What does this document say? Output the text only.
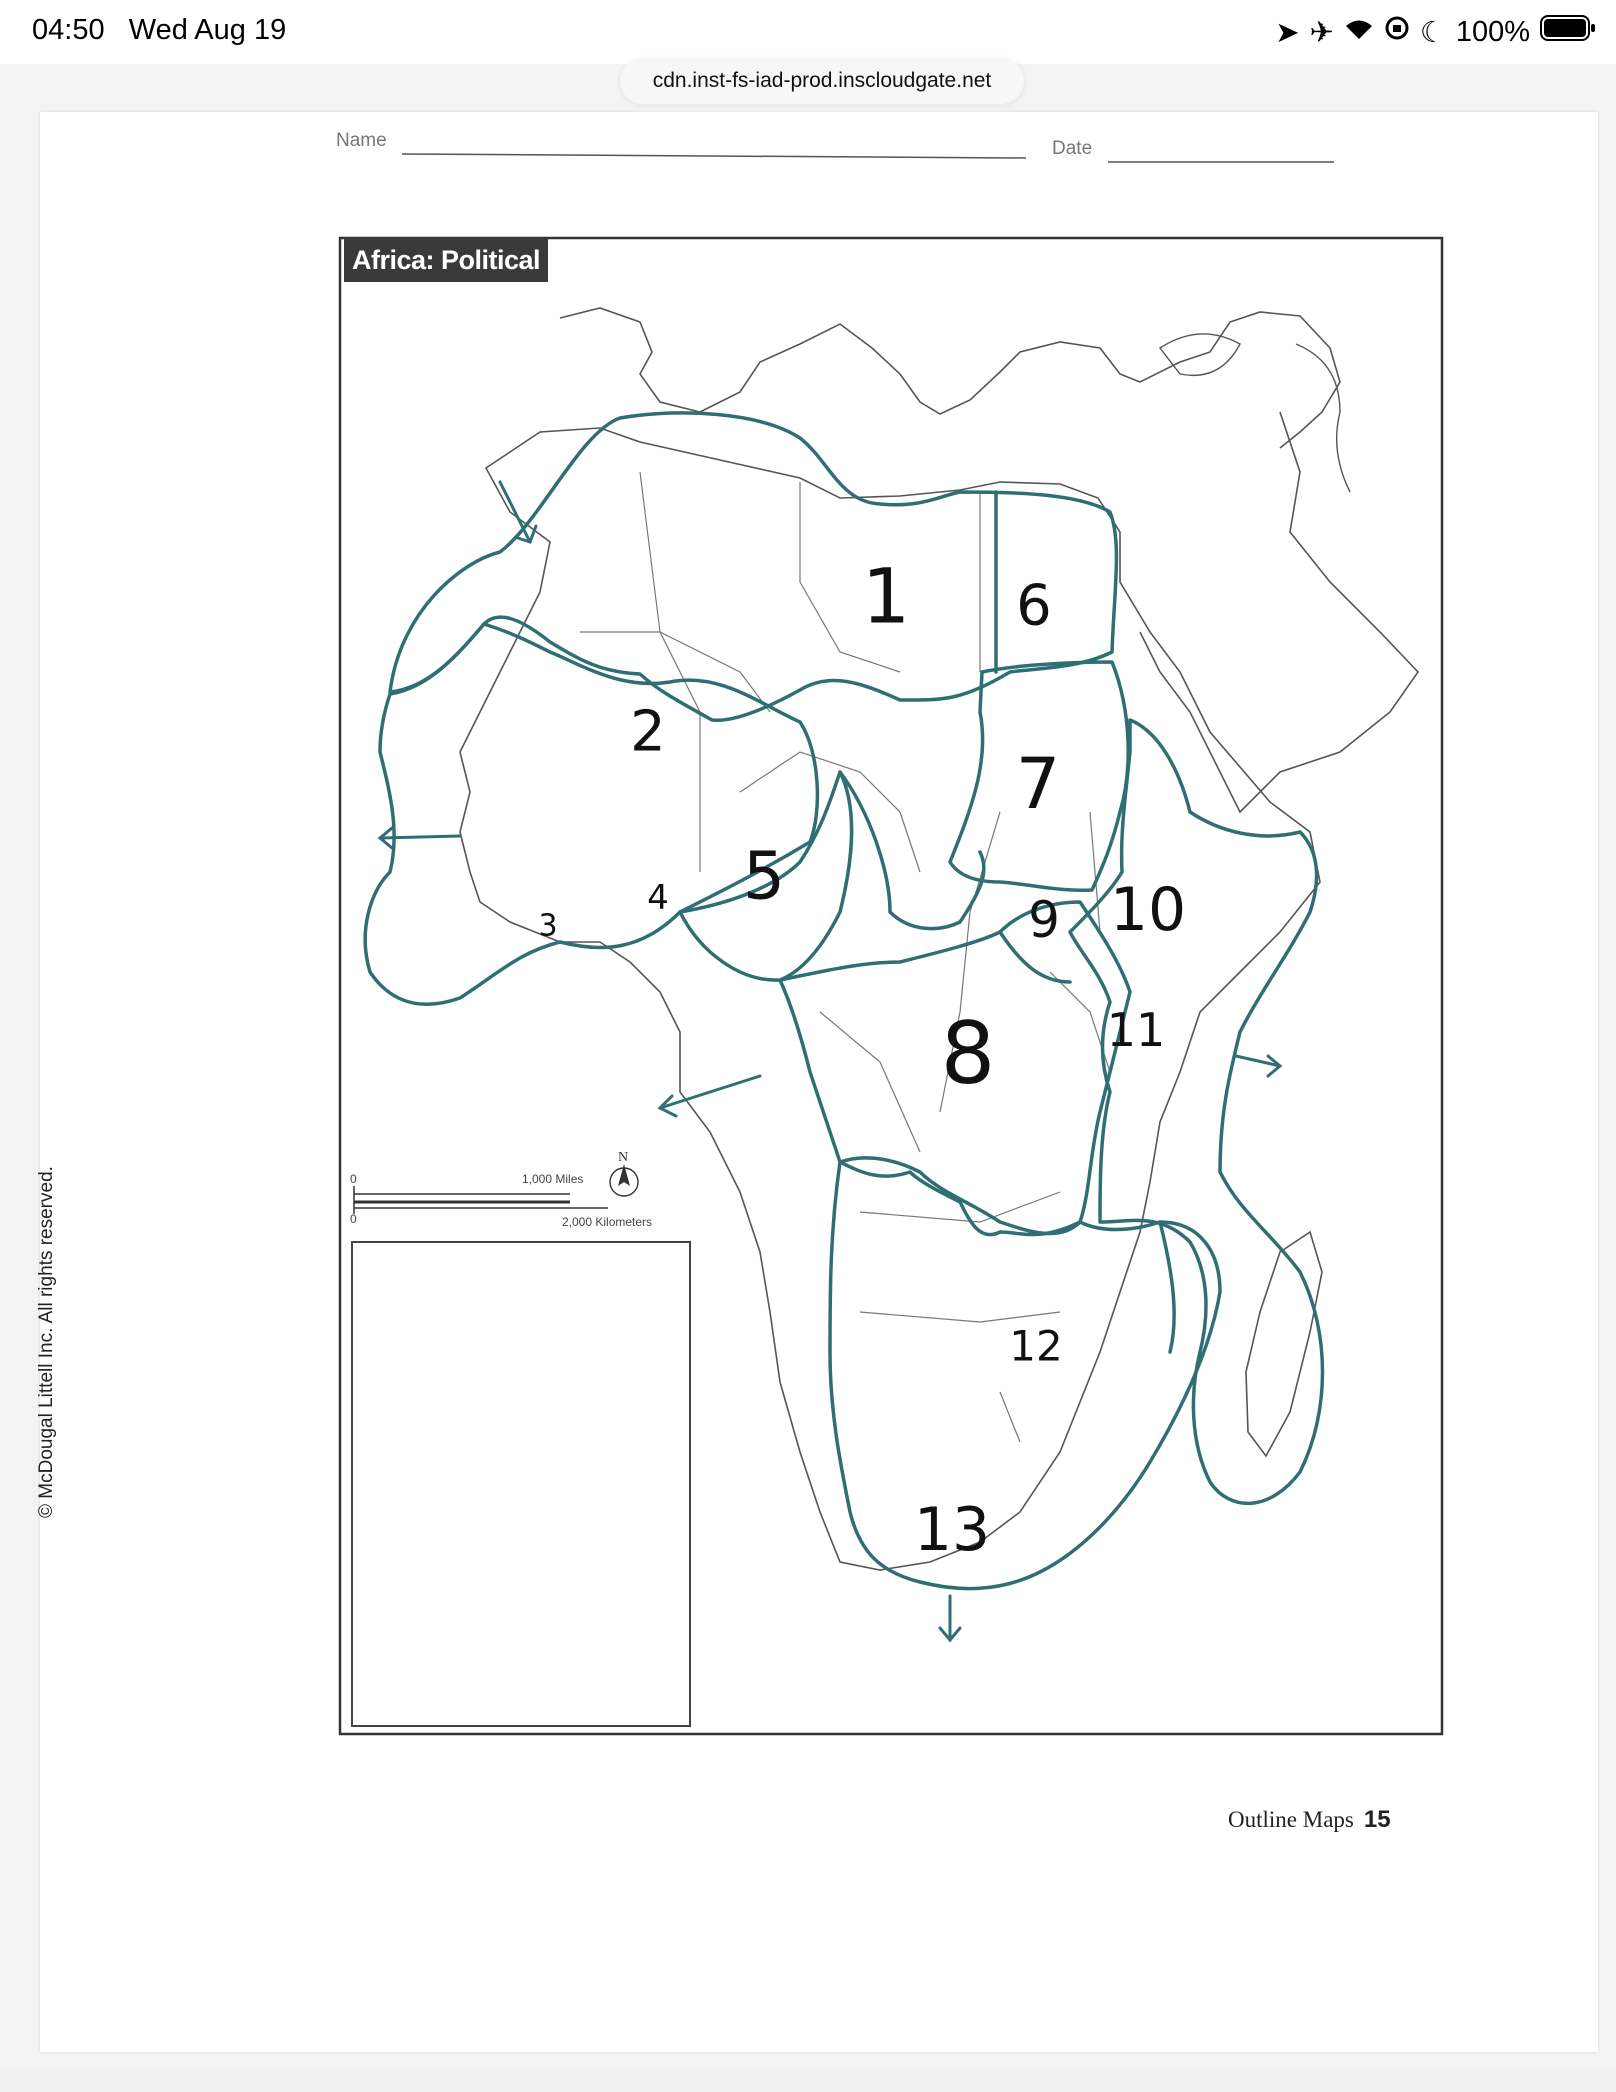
04:50 Wed Aug 19	➤ ✈	☾ 100%
cdn.inst-fs-iad-prod.inscloudgate.net
Name	Date
Africa: Political
0
0
1,000 Miles
2,000 Kilometers
N
1
2
3
4 5
6
7
8
9 10
11
12
13
© McDougal Littell Inc. All rights reserved.
Outline Maps 15
